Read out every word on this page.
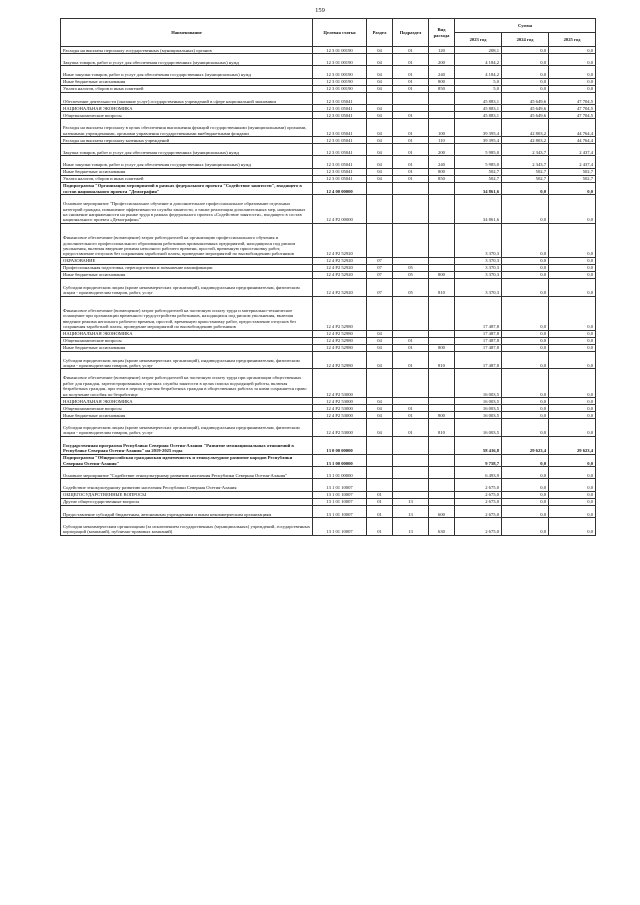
159
Наименование	Целевая статья	Раздел	Подраздел	Вид расхода	Сумма		
					2023 год	2024 год	2025 год
Расходы на выплаты персоналу государственных (муниципальных) органов	12 3 01 00190	04	01	120	208,1	0,0	0,0
Закупка товаров, работ и услуг для обеспечения государственных (муниципальных) нужд	12 3 01 00190	04	01	200	4 184,2	0,0	0,0
Иные закупки товаров, работ и услуг для обеспечения государственных (муниципальных) нужд	12 3 01 00190	04	01	240	4 184,2	0,0	0,0
Иные бюджетные ассигнования	12 3 01 00190	04	01	800	5,0	0,0	0,0
Уплата налогов, сборов и иных платежей	12 3 01 00190	04	01	850	5,0	0,0	0,0
Обеспечение деятельности (оказание услуг) государственных учреждений в сфере национальной экономики	12 3 01 05041				45 883,1	45 649,6	47 704,5
НАЦИОНАЛЬНАЯ ЭКОНОМИКА	12 3 01 05041	04			45 883,1	45 649,6	47 704,5
Общеэкономические вопросы	12 3 01 05041	04	01		45 883,1	45 649,6	47 704,5
Расходы на выплаты персоналу в целях обеспечения выполнения функций государственными (муниципальными) органами, казенными учреждениями, органами управления государственными внебюджетными фондами	12 3 01 05041	04	01	100	39 395,4	42 803,2	44 764,4
Расходы на выплаты персоналу казенных учреждений	12 3 01 05041	04	01	110	39 395,4	42 803,2	44 764,4
Закупка товаров, работ и услуг для обеспечения государственных (муниципальных) нужд	12 3 01 05041	04	01	200	5 985,0	2 343,7	2 437,4
Иные закупки товаров, работ и услуг для обеспечения государственных (муниципальных) нужд	12 3 01 05041	04	01	240	5 985,0	2 343,7	2 437,4
Иные бюджетные ассигнования	12 3 01 05041	04	01	800	502,7	502,7	502,7
Уплата налогов, сборов и иных платежей	12 3 01 05041	04	01	850	502,7	502,7	502,7
Подпрограмма "Организация мероприятий в рамках федерального проекта "Содействие занятости", входящего в состав национального проекта "Демография"	12 4 00 00000				34 861,6	0,0	0,0
Основное мероприятие "Профессиональное обучение и дополнительное профессиональное образование отдельных категорий граждан, повышение эффективности службы занятости, а также реализация дополнительных мер, направленных на снижение напряженности на рынке труда в рамках федерального проекта «Содействие занятости», входящего в состав национального проекта «Демография»"	12 4 P2 00000				34 861,6	0,0	0,0
Финансовое обеспечение (возмещение) затрат работодателей на организацию профессионального обучения и дополнительного профессионального образования работников промышленных предприятий, находящихся под риском увольнения, включая введение режима неполного рабочего времени, простой, временную приостановку работ, предоставление отпусков без сохранения заработной платы, проведение мероприятий по высвобождению работников	12 4 P2 52920				3 370,3	0,0	0,0
ОБРАЗОВАНИЕ	12 4 P2 52920	07			3 370,3	0,0	0,0
Профессиональная подготовка, переподготовка и повышение квалификации	12 4 P2 52920	07	05		3 370,3	0,0	0,0
Иные бюджетные ассигнования	12 4 P2 52920	07	05	800	3 370,3	0,0	0,0
Субсидии юридическим лицам (кроме некоммерческих организаций), индивидуальным предпринимателям, физическим лицам - производителям товаров, работ, услуг	12 4 P2 52920	07	05	810	3 370,3	0,0	0,0
Финансовое обеспечение (возмещение) затрат работодателей на частичную оплату труда и материально-техническое оснащение при организации временного трудоустройства работников, находящихся под риском увольнения, включая введение режима неполного рабочего времени, простой, временную приостановку работ, предоставление отпусков без сохранения заработной платы, проведение мероприятий по высвобождению работников	12 4 P2 52980				17 487,8	0,0	0,0
НАЦИОНАЛЬНАЯ ЭКОНОМИКА	12 4 P2 52980	04			17 487,8	0,0	0,0
Общеэкономические вопросы	12 4 P2 52980	04	01		17 487,8	0,0	0,0
Иные бюджетные ассигнования	12 4 P2 52980	04	01	800	17 487,8	0,0	0,0
Субсидии юридическим лицам (кроме некоммерческих организаций), индивидуальным предпринимателям, физическим лицам - производителям товаров, работ, услуг	12 4 P2 52980	04	01	810	17 487,8	0,0	0,0
Финансовое обеспечение (возмещение) затрат работодателей на частичную оплату труда при организации общественных работ для граждан, зарегистрированных в органах службы занятости в целях поиска подходящей работы, включая безработных граждан, при этом в период участия безработных граждан в общественных работах за ними сохраняется право на получение пособия по безработице	12 4 P2 53000				16 003,5	0,0	0,0
НАЦИОНАЛЬНАЯ ЭКОНОМИКА	12 4 P2 53000	04			16 003,5	0,0	0,0
Общеэкономические вопросы	12 4 P2 53000	04	01		16 003,5	0,0	0,0
Иные бюджетные ассигнования	12 4 P2 53000	04	01	800	16 003,5	0,0	0,0
Субсидии юридическим лицам (кроме некоммерческих организаций), индивидуальным предпринимателям, физическим лицам - производителям товаров, работ, услуг	12 4 P2 53000	04	01	810	16 003,5	0,0	0,0
Государственная программа Республики Северная Осетия-Алания "Развитие межнациональных отношений в Республике Северная Осетия-Алания" на 2019-2025 годы	13 0 00 00000				58 416,8	29 623,4	29 623,4
Подпрограмма "Общероссийская гражданская идентичность и этнокультурное развитие народов Республики Северная Осетия-Алания"	13 1 00 00000				9 758,7	0,0	0,0
Основное мероприятие "Содействие этнокультурному развитию населения Республики Северная Осетия-Алания"	13 1 01 00000				6 493,9	0,0	0,0
Содействие этнокультурному развитию населения Республики Северная Осетия-Алания	13 1 01 10007				2 675,0	0,0	0,0
ОБЩЕГОСУДАРСТВЕННЫЕ ВОПРОСЫ	13 1 01 10007	01			2 675,0	0,0	0,0
Другие общегосударственные вопросы	13 1 01 10007	01	13		2 675,0	0,0	0,0
Предоставление субсидий бюджетным, автономным учреждениям и иным некоммерческим организациям	13 1 01 10007	01	13	600	2 675,0	0,0	0,0
Субсидии некоммерческим организациям (за исключением государственных (муниципальных) учреждений, государственных корпораций (компаний), публично-правовых компаний)	13 1 01 10007	01	13	630	2 675,0	0,0	0,0
